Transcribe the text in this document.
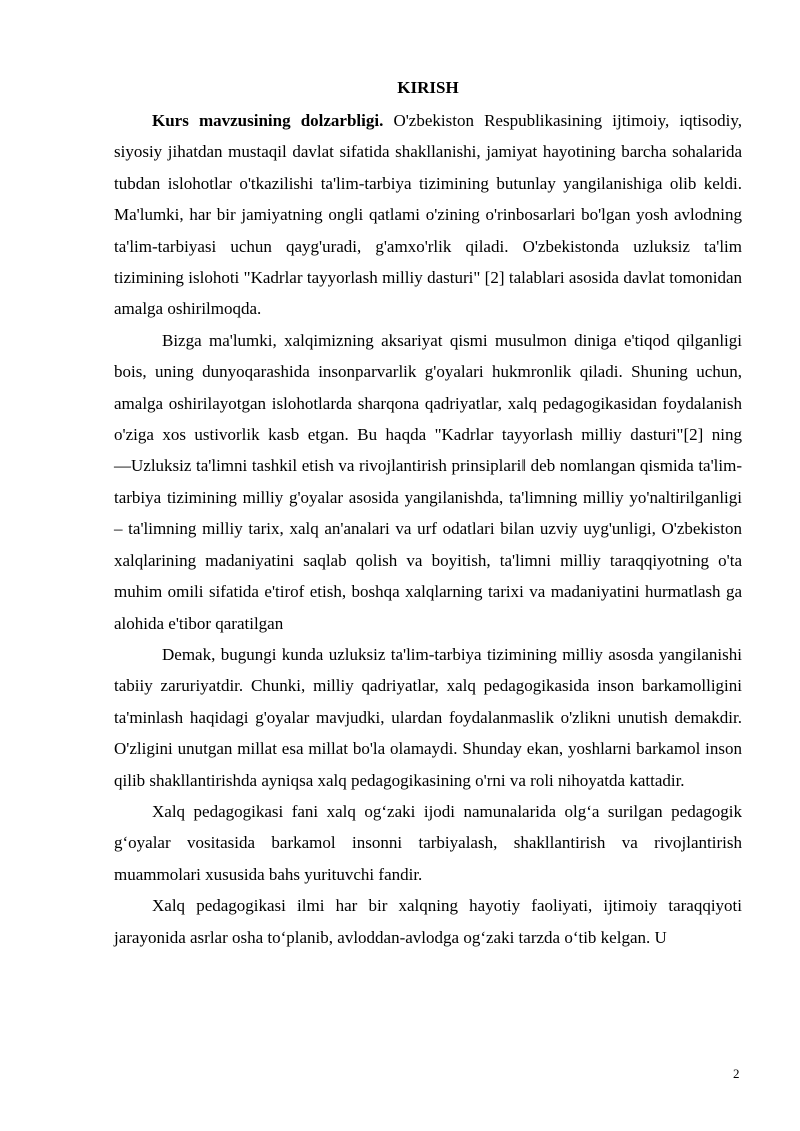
KIRISH

Kurs mavzusining dolzarbligi. O'zbekiston Respublikasining ijtimoiy, iqtisodiy, siyosiy jihatdan mustaqil davlat sifatida shakllanishi, jamiyat hayotining barcha sohalarida tubdan islohotlar o'tkazilishi ta'lim-tarbiya tizimining butunlay yangilanishiga olib keldi. Ma'lumki, har bir jamiyatning ongli qatlami o'zining o'rinbosarlari bo'lgan yosh avlodning ta'lim-tarbiyasi uchun qayg'uradi, g'amxo'rlik qiladi. O'zbekistonda uzluksiz ta'lim tizimining islohoti "Kadrlar tayyorlash milliy dasturi" [2] talablari asosida davlat tomonidan amalga oshirilmoqda.

Bizga ma'lumki, xalqimizning aksariyat qismi musulmon diniga e'tiqod qilganligi bois, uning dunyoqarashida insonparvarlik g'oyalari hukmronlik qiladi. Shuning uchun, amalga oshirilayotgan islohotlarda sharqona qadriyatlar, xalq pedagogikasidan foydalanish o'ziga xos ustivorlik kasb etgan. Bu haqda "Kadrlar tayyorlash milliy dasturi"[2] ning ―Uzluksiz ta'limni tashkil etish va rivojlantirish prinsiplari‖ deb nomlangan qismida ta'lim-tarbiya tizimining milliy g'oyalar asosida yangilanishda, ta'limning milliy yo'naltirilganligi – ta'limning milliy tarix, xalq an'analari va urf odatlari bilan uzviy uyg'unligi, O'zbekiston xalqlarining madaniyatini saqlab qolish va boyitish, ta'limni milliy taraqqiyotning o'ta muhim omili sifatida e'tirof etish, boshqa xalqlarning tarixi va madaniyatini hurmatlash ga alohida e'tibor qaratilgan

Demak, bugungi kunda uzluksiz ta'lim-tarbiya tizimining milliy asosda yangilanishi tabiiy zaruriyatdir. Chunki, milliy qadriyatlar, xalq pedagogikasida inson barkamolligini ta'minlash haqidagi g'oyalar mavjudki, ulardan foydalanmaslik o'zlikni unutish demakdir. O'zligini unutgan millat esa millat bo'la olamaydi. Shunday ekan, yoshlarni barkamol inson qilib shakllantirishda ayniqsa xalq pedagogikasining o'rni va roli nihoyatda kattadir.

Xalq pedagogikasi fani xalq og‘zaki ijodi namunalarida olg‘a surilgan pedagogik g‘oyalar vositasida barkamol insonni tarbiyalash, shakllantirish va rivojlantirish muammolari xususida bahs yurituvchi fandir.

Xalq pedagogikasi ilmi har bir xalqning hayotiy faoliyati, ijtimoiy taraqqiyoti jarayonida asrlar osha to‘planib, avloddan-avlodga og‘zaki tarzda o‘tib kelgan. U

2
